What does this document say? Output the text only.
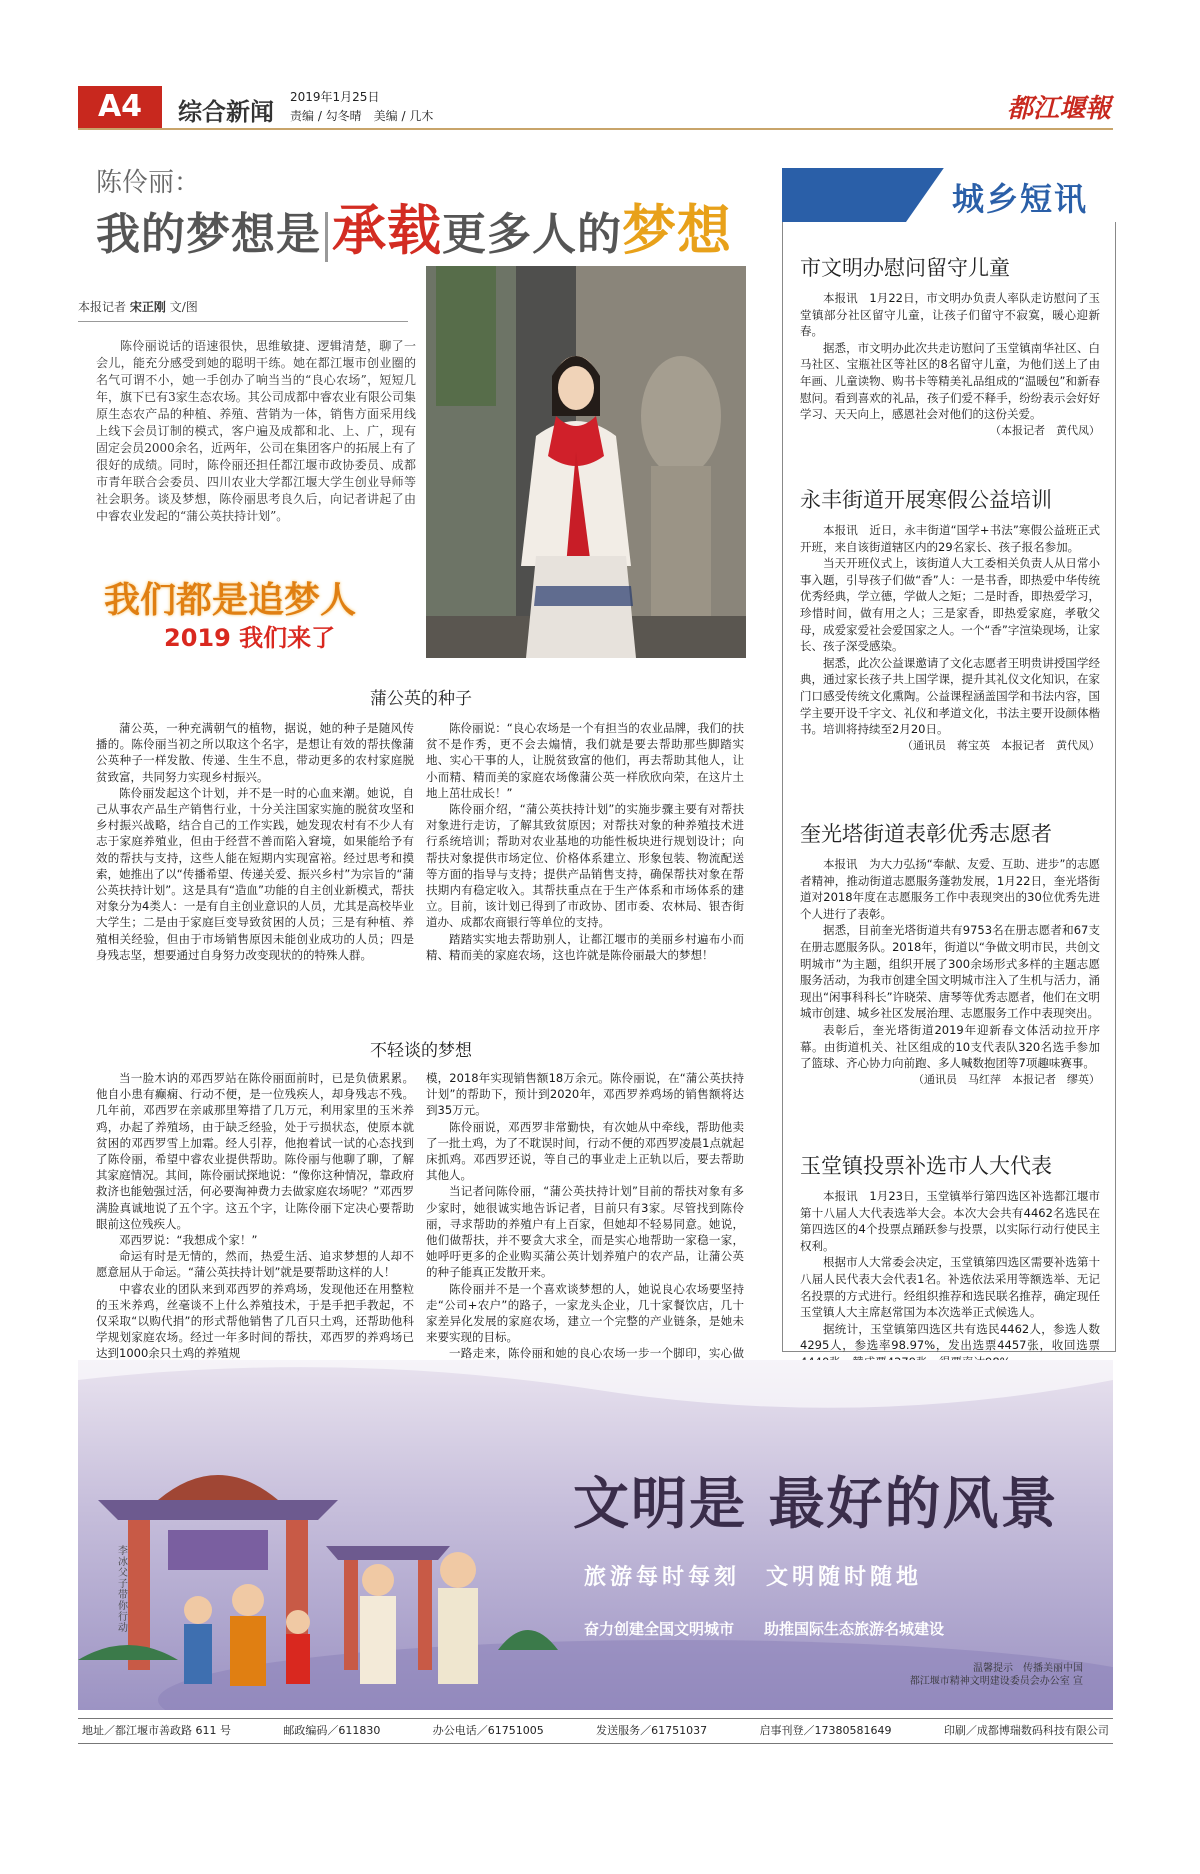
A4	综合新闻
2019年1月25日
责编 / 勾冬晴　美编 / 几木	都江堰報
陈伶丽：
我的梦想是 承载更多人的梦想
本报记者 宋正刚 文/图
陈伶丽说话的语速很快，思维敏捷、逻辑清楚，聊了一会儿，能充分感受到她的聪明干练。她在都江堰市创业圈的名气可谓不小，她一手创办了响当当的“良心农场”，短短几年，旗下已有3家生态农场。其公司成都中睿农业有限公司集原生态农产品的种植、养殖、营销为一体，销售方面采用线上线下会员订制的模式，客户遍及成都和北、上、广，现有固定会员2000余名，近两年，公司在集团客户的拓展上有了很好的成绩。同时，陈伶丽还担任都江堰市政协委员、成都市青年联合会委员、四川农业大学都江堰大学生创业导师等社会职务。谈及梦想，陈伶丽思考良久后，向记者讲起了由中睿农业发起的“蒲公英扶持计划”。
我们都是追梦人
2019 我们来了
蒲公英的种子

蒲公英，一种充满朝气的植物，据说，她的种子是随风传播的。陈伶丽当初之所以取这个名字，是想让有效的帮扶像蒲公英种子一样发散、传递、生生不息，带动更多的农村家庭脱贫致富，共同努力实现乡村振兴。

陈伶丽发起这个计划，并不是一时的心血来潮。她说，自己从事农产品生产销售行业，十分关注国家实施的脱贫攻坚和乡村振兴战略，结合自己的工作实践，她发现农村有不少人有志于家庭养殖业，但由于经营不善而陷入窘境，如果能给予有效的帮扶与支持，这些人能在短期内实现富裕。经过思考和摸索，她推出了以“传播希望、传递关爱、振兴乡村”为宗旨的“蒲公英扶持计划”。这是具有“造血”功能的自主创业新模式，帮扶对象分为4类人：一是有自主创业意识的人员，尤其是高校毕业大学生；二是由于家庭巨变导致贫困的人员；三是有种植、养殖相关经验，但由于市场销售原因未能创业成功的人员；四是身残志坚，想要通过自身努力改变现状的的特殊人群。

陈伶丽说：“良心农场是一个有担当的农业品牌，我们的扶贫不是作秀，更不会去煽情，我们就是要去帮助那些脚踏实地、实心干事的人，让脱贫致富的他们，再去帮助其他人，让小而精、精而美的家庭农场像蒲公英一样欣欣向荣，在这片土地上茁壮成长！”

陈伶丽介绍，“蒲公英扶持计划”的实施步骤主要有对帮扶对象进行走访，了解其致贫原因；对帮扶对象的种养殖技术进行系统培训；帮助对农业基地的功能性板块进行规划设计；向帮扶对象提供市场定位、价格体系建立、形象包装、物流配送等方面的指导与支持；提供产品销售支持，确保帮扶对象在帮扶期内有稳定收入。其帮扶重点在于生产体系和市场体系的建立。目前，该计划已得到了市政协、团市委、农林局、银杏街道办、成都农商银行等单位的支持。

踏踏实实地去帮助别人，让都江堰市的美丽乡村遍布小而精、精而美的家庭农场，这也许就是陈伶丽最大的梦想！

不轻谈的梦想

当一脸木讷的邓西罗站在陈伶丽面前时，已是负债累累。他自小患有癫痫、行动不便，是一位残疾人，却身残志不残。几年前，邓西罗在亲戚那里筹措了几万元，利用家里的玉米养鸡，办起了养殖场，由于缺乏经验，处于亏损状态，使原本就贫困的邓西罗雪上加霜。经人引荐，他抱着试一试的心态找到了陈伶丽，希望中睿农业提供帮助。陈伶丽与他聊了聊，了解其家庭情况。其间，陈伶丽试探地说：“像你这种情况，靠政府救济也能勉强过活，何必要淘神费力去做家庭农场呢？”邓西罗满脸真诚地说了五个字。这五个字，让陈伶丽下定决心要帮助眼前这位残疾人。

邓西罗说：“我想成个家！”

命运有时是无情的，然而，热爱生活、追求梦想的人却不愿意屈从于命运。“蒲公英扶持计划”就是要帮助这样的人！

中睿农业的团队来到邓西罗的养鸡场，发现他还在用整粒的玉米养鸡，丝毫谈不上什么养殖技术，于是手把手教起，不仅采取“以购代捐”的形式帮他销售了几百只土鸡，还帮助他科学规划家庭农场。经过一年多时间的帮扶，邓西罗的养鸡场已达到1000余只土鸡的养殖规

模，2018年实现销售额18万余元。陈伶丽说，在“蒲公英扶持计划”的帮助下，预计到2020年，邓西罗养鸡场的销售额将达到35万元。

陈伶丽说，邓西罗非常勤快，有次她从中牵线，帮助他卖了一批土鸡，为了不耽误时间，行动不便的邓西罗凌晨1点就起床抓鸡。邓西罗还说，等自己的事业走上正轨以后，要去帮助其他人。

当记者问陈伶丽，“蒲公英扶持计划”目前的帮扶对象有多少家时，她很诚实地告诉记者，目前只有3家。尽管找到陈伶丽，寻求帮助的养殖户有上百家，但她却不轻易同意。她说，他们做帮扶，并不要贪大求全，而是实心地帮助一家稳一家，她呼吁更多的企业购买蒲公英计划养殖户的农产品，让蒲公英的种子能真正发散开来。

陈伶丽并不是一个喜欢谈梦想的人，她说良心农场要坚持走“公司+农户”的路子，一家龙头企业，几十家餐饮店，几十家差异化发展的家庭农场，建立一个完整的产业链条，是她未来要实现的目标。

一路走来，陈伶丽和她的良心农场一步一个脚印，实心做

城乡短讯
市文明办慰问留守儿童

本报讯　1月22日，市文明办负责人率队走访慰问了玉堂镇部分社区留守儿童，让孩子们留守不寂寞，暖心迎新春。

据悉，市文明办此次共走访慰问了玉堂镇南华社区、白马社区、宝瓶社区等社区的8名留守儿童，为他们送上了由年画、儿童读物、购书卡等精美礼品组成的“温暖包”和新春慰问。看到喜欢的礼品，孩子们爱不释手，纷纷表示会好好学习、天天向上，感恩社会对他们的这份关爱。

（本报记者　黄代凤）
永丰街道开展寒假公益培训

本报讯　近日，永丰街道“国学+书法”寒假公益班正式开班，来自该街道辖区内的29名家长、孩子报名参加。

当天开班仪式上，该街道人大工委相关负责人从日常小事入题，引导孩子们做“香”人：一是书香，即热爱中华传统优秀经典，学立德，学做人之矩；二是时香，即热爱学习，珍惜时间，做有用之人；三是家香，即热爱家庭，孝敬父母，成爱家爱社会爱国家之人。一个“香”字渲染现场，让家长、孩子深受感染。

据悉，此次公益课邀请了文化志愿者王明贵讲授国学经典，通过家长孩子共上国学课，提升其礼仪文化知识，在家门口感受传统文化熏陶。公益课程涵盖国学和书法内容，国学主要开设千字文、礼仪和孝道文化，书法主要开设颜体楷书。培训将持续至2月20日。

（通讯员　蒋宝英　本报记者　黄代凤）
奎光塔街道表彰优秀志愿者

本报讯　为大力弘扬“奉献、友爱、互助、进步”的志愿者精神，推动街道志愿服务蓬勃发展，1月22日，奎光塔街道对2018年度在志愿服务工作中表现突出的30位优秀先进个人进行了表彰。

据悉，目前奎光塔街道共有9753名在册志愿者和67支在册志愿服务队。2018年，街道以“争做文明市民，共创文明城市”为主题，组织开展了300余场形式多样的主题志愿服务活动，为我市创建全国文明城市注入了生机与活力，涌现出“闲事科科长”许晓荣、唐琴等优秀志愿者，他们在文明城市创建、城乡社区发展治理、志愿服务工作中表现突出。

表彰后，奎光塔街道2019年迎新春文体活动拉开序幕。由街道机关、社区组成的10支代表队320名选手参加了篮球、齐心协力向前跑、多人喊数抱团等7项趣味赛事。

（通讯员　马红萍　本报记者　缪英）
玉堂镇投票补选市人大代表

本报讯　1月23日，玉堂镇举行第四选区补选都江堰市第十八届人大代表选举大会。本次大会共有4462名选民在第四选区的4个投票点踊跃参与投票，以实际行动行使民主权利。

根据市人大常委会决定，玉堂镇第四选区需要补选第十八届人民代表大会代表1名。补选依法采用等额选举、无记名投票的方式进行。经组织推荐和选民联名推荐，确定现任玉堂镇人大主席赵常国为本次选举正式候选人。

据统计，玉堂镇第四选区共有选民4462人，参选人数4295人，参选率98.97%，发出选票4457张，收回选票

文明是 最好的风景
旅游每时每刻　文明随时随地
奋力创建全国文明城市　　助推国际生态旅游名城建设
温馨提示　传播美丽中国
都江堰市精神文明建设委员会办公室 宣
李冰父子带你行动
地址／都江堰市善政路 611 号	邮政编码／611830	办公电话／61751005	发送服务／61751037	启事刊登／17380581649	印刷／成都博瑞数码科技有限公司
